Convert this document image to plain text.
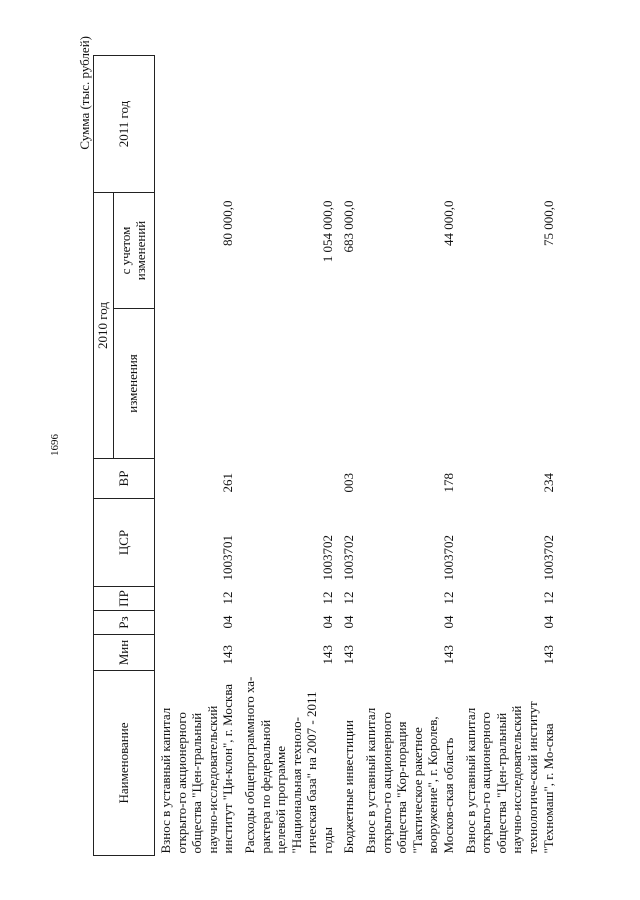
1696
Сумма (тыс. рублей)
Наименование	Мин	Рз	ПР	ЦСР	ВР	2010 год		2011 год
						изменения	с учетом изменений	
Взнос в уставный капитал открыто-го акционерного общества "Цен-тральный научно-исследовательский институт "Ци-клон", г. Москва	143	04	12	1003701	261		80 000,0	
Расходы общепрограммного ха-рактера по федеральной целевой программе "Национальная техноло-гическая база" на 2007 - 2011 годы	143	04	12	1003702			1 054 000,0	
Бюджетные инвестиции	143	04	12	1003702	003		683 000,0	
Взнос в уставный капитал открыто-го акционерного общества "Кор-порация "Тактическое ракетное вооружение", г. Королев, Москов-ская область	143	04	12	1003702	178		44 000,0	
Взнос в уставный капитал открыто-го акционерного общества "Цен-тральный научно-исследовательский технологиче-ский институт "Техномаш", г. Мо-сква	143	04	12	1003702	234		75 000,0	
